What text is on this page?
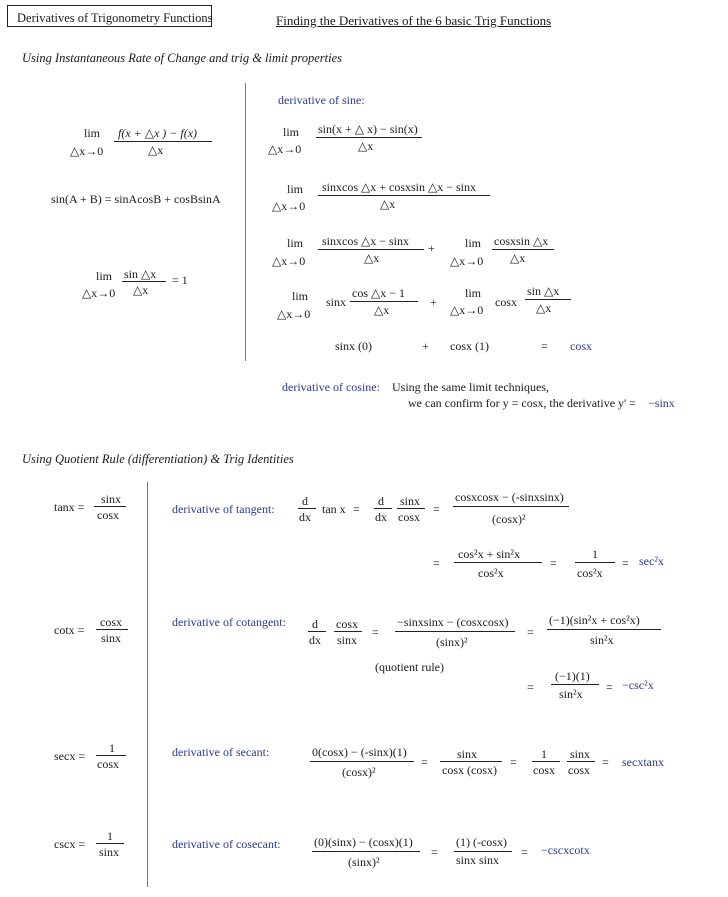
Derivatives of Trigonometry Functions	Finding the Derivatives of the 6 basic Trig Functions
Using Instantaneous Rate of Change and trig & limit properties
lim
△x→0
f(x + △x ) − f(x)
△x
sin(A + B) = sinAcosB + cosBsinA
lim
△x→0
sin △x
△x
= 1
derivative of sine:
lim
△x→0
sin(x + △ x) − sin(x)
△x
lim
△x→0
sinxcos △x + cosxsin △x − sinx
△x
lim
△x→0
sinxcos △x − sinx
△x
+	lim
△x→0
cosxsin △x
△x
lim
△x→0
sinx
cos △x − 1
△x
+
lim
△x→0
cosx
sin △x
△x
sinx (0)	+ cosx (1)	= cosx
derivative of cosine: Using the same limit techniques,
we can confirm for y = cosx, the derivative y' = −sinx
Using Quotient Rule (differentiation) & Trig Identities
tanx =
sinx
cosx	derivative of tangent:
d
dx
tan x =
d
dx
sinx
cosx
=
cosxcosx − (-sinxsinx)
(cosx)²
=
cos²x + sin²x
cos²x
=
1
cos²x
= sec²x
cotx =
cosx
sinx
derivative of cotangent: d
dx
cosx
sinx
=
−sinxsinx − (cosxcosx)
(sinx)²
=
(−1)(sin²x + cos²x)
sin²x
(quotient rule)
=
(−1)(1)
sin²x = −csc²x
secx =
1
cosx
derivative of secant:	0(cosx) − (-sinx)(1)
(cosx)²
=
sinx
cosx (cosx)
=
1
cosx
sinx
cosx
= secxtanx
cscx =
1
sinx
derivative of cosecant:	(0)(sinx) − (cosx)(1)
(sinx)²
=
(1) (-cosx)
sinx sinx
= −cscxcotx
